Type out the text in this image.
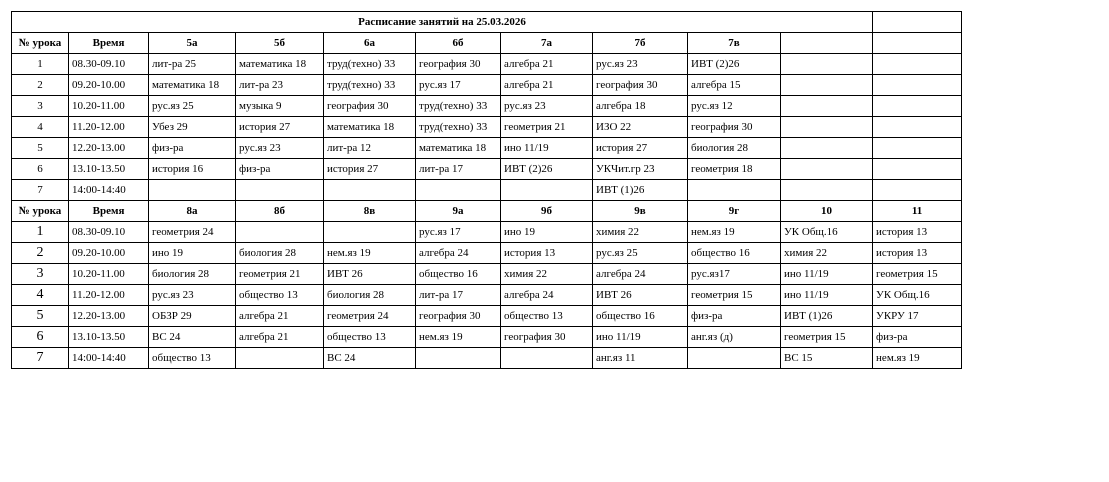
Расписание занятий на 25.03.2026										
№ урока	Время	5а	5б	6а	6б	7а	7б	7в		
1	08.30-09.10	лит-ра 25	математика 18	труд(техно) 33	география 30	алгебра 21	рус.яз 23	ИВТ (2)26		
2	09.20-10.00	математика 18	лит-ра 23	труд(техно) 33	рус.яз 17	алгебра 21	география 30	алгебра 15		
3	10.20-11.00	рус.яз 25	музыка 9	география 30	труд(техно) 33	рус.яз 23	алгебра 18	рус.яз 12		
4	11.20-12.00	Убез 29	история 27	математика 18	труд(техно) 33	геометрия 21	ИЗО 22	география 30		
5	12.20-13.00	физ-ра	рус.яз 23	лит-ра 12	математика 18	ино 11/19	история 27	биология 28		
6	13.10-13.50	история 16	физ-ра	история 27	лит-ра 17	ИВТ (2)26	УКЧит.гр 23	геометрия 18		
7	14:00-14:40						ИВТ (1)26			
№ урока	Время	8а	8б	8в	9а	9б	9в	9г	10	11
1	08.30-09.10	геометрия 24			рус.яз 17	ино 19	химия 22	нем.яз 19	УК Общ.16	история 13
2	09.20-10.00	ино 19	биология 28	нем.яз 19	алгебра 24	история 13	рус.яз 25	общество 16	химия 22	история 13
3	10.20-11.00	биология 28	геометрия 21	ИВТ 26	общество 16	химия 22	алгебра 24	рус.яз17	ино 11/19	геометрия 15
4	11.20-12.00	рус.яз 23	общество 13	биология 28	лит-ра 17	алгебра 24	ИВТ 26	геометрия 15	ино 11/19	УК Общ.16
5	12.20-13.00	ОБЗР 29	алгебра 21	геометрия 24	география 30	общество 13	общество 16	физ-ра	ИВТ (1)26	УКРУ 17
6	13.10-13.50	ВС 24	алгебра 21	общество 13	нем.яз 19	география 30	ино 11/19	анг.яз (д)	геометрия 15	физ-ра
7	14:00-14:40	общество 13		ВС 24			анг.яз 11		ВС 15	нем.яз 19
